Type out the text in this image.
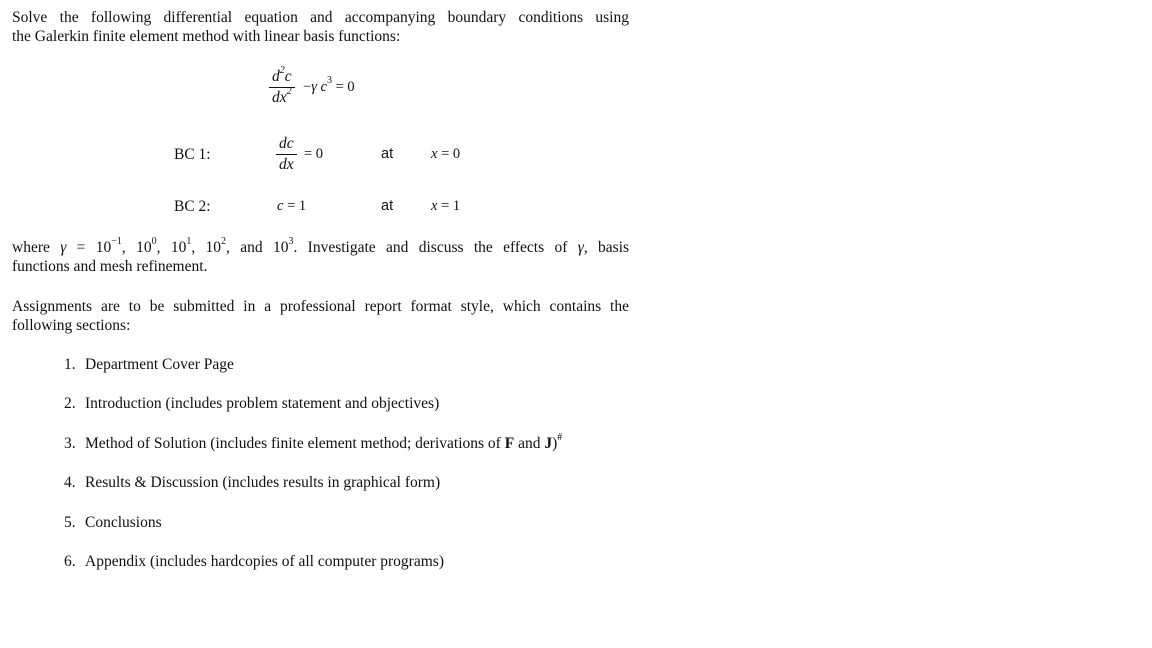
Solve the following differential equation and accompanying boundary conditions using
the Galerkin finite element method with linear basis functions:
$\frac{d^2c}{dx^2} -\gamma$ $c^3 = 0$
BC 1:	$\frac{dc}{dx} = 0$	at	x = 0
BC 2:	c = 1	at	x = 1
where $\gamma = 10^{-1}$, $10^0$, $10^1$, $10^2$, and $10^3$. Investigate and discuss the effects of γ, basis
functions and mesh refinement.
Assignments are to be submitted in a professional report format style, which contains the
following sections:
1. Department Cover Page
2. Introduction (includes problem statement and objectives)
3. Method of Solution (includes finite element method; derivations of F and J)#
4. Results & Discussion (includes results in graphical form)
5. Conclusions
6. Appendix (includes hardcopies of all computer programs)
